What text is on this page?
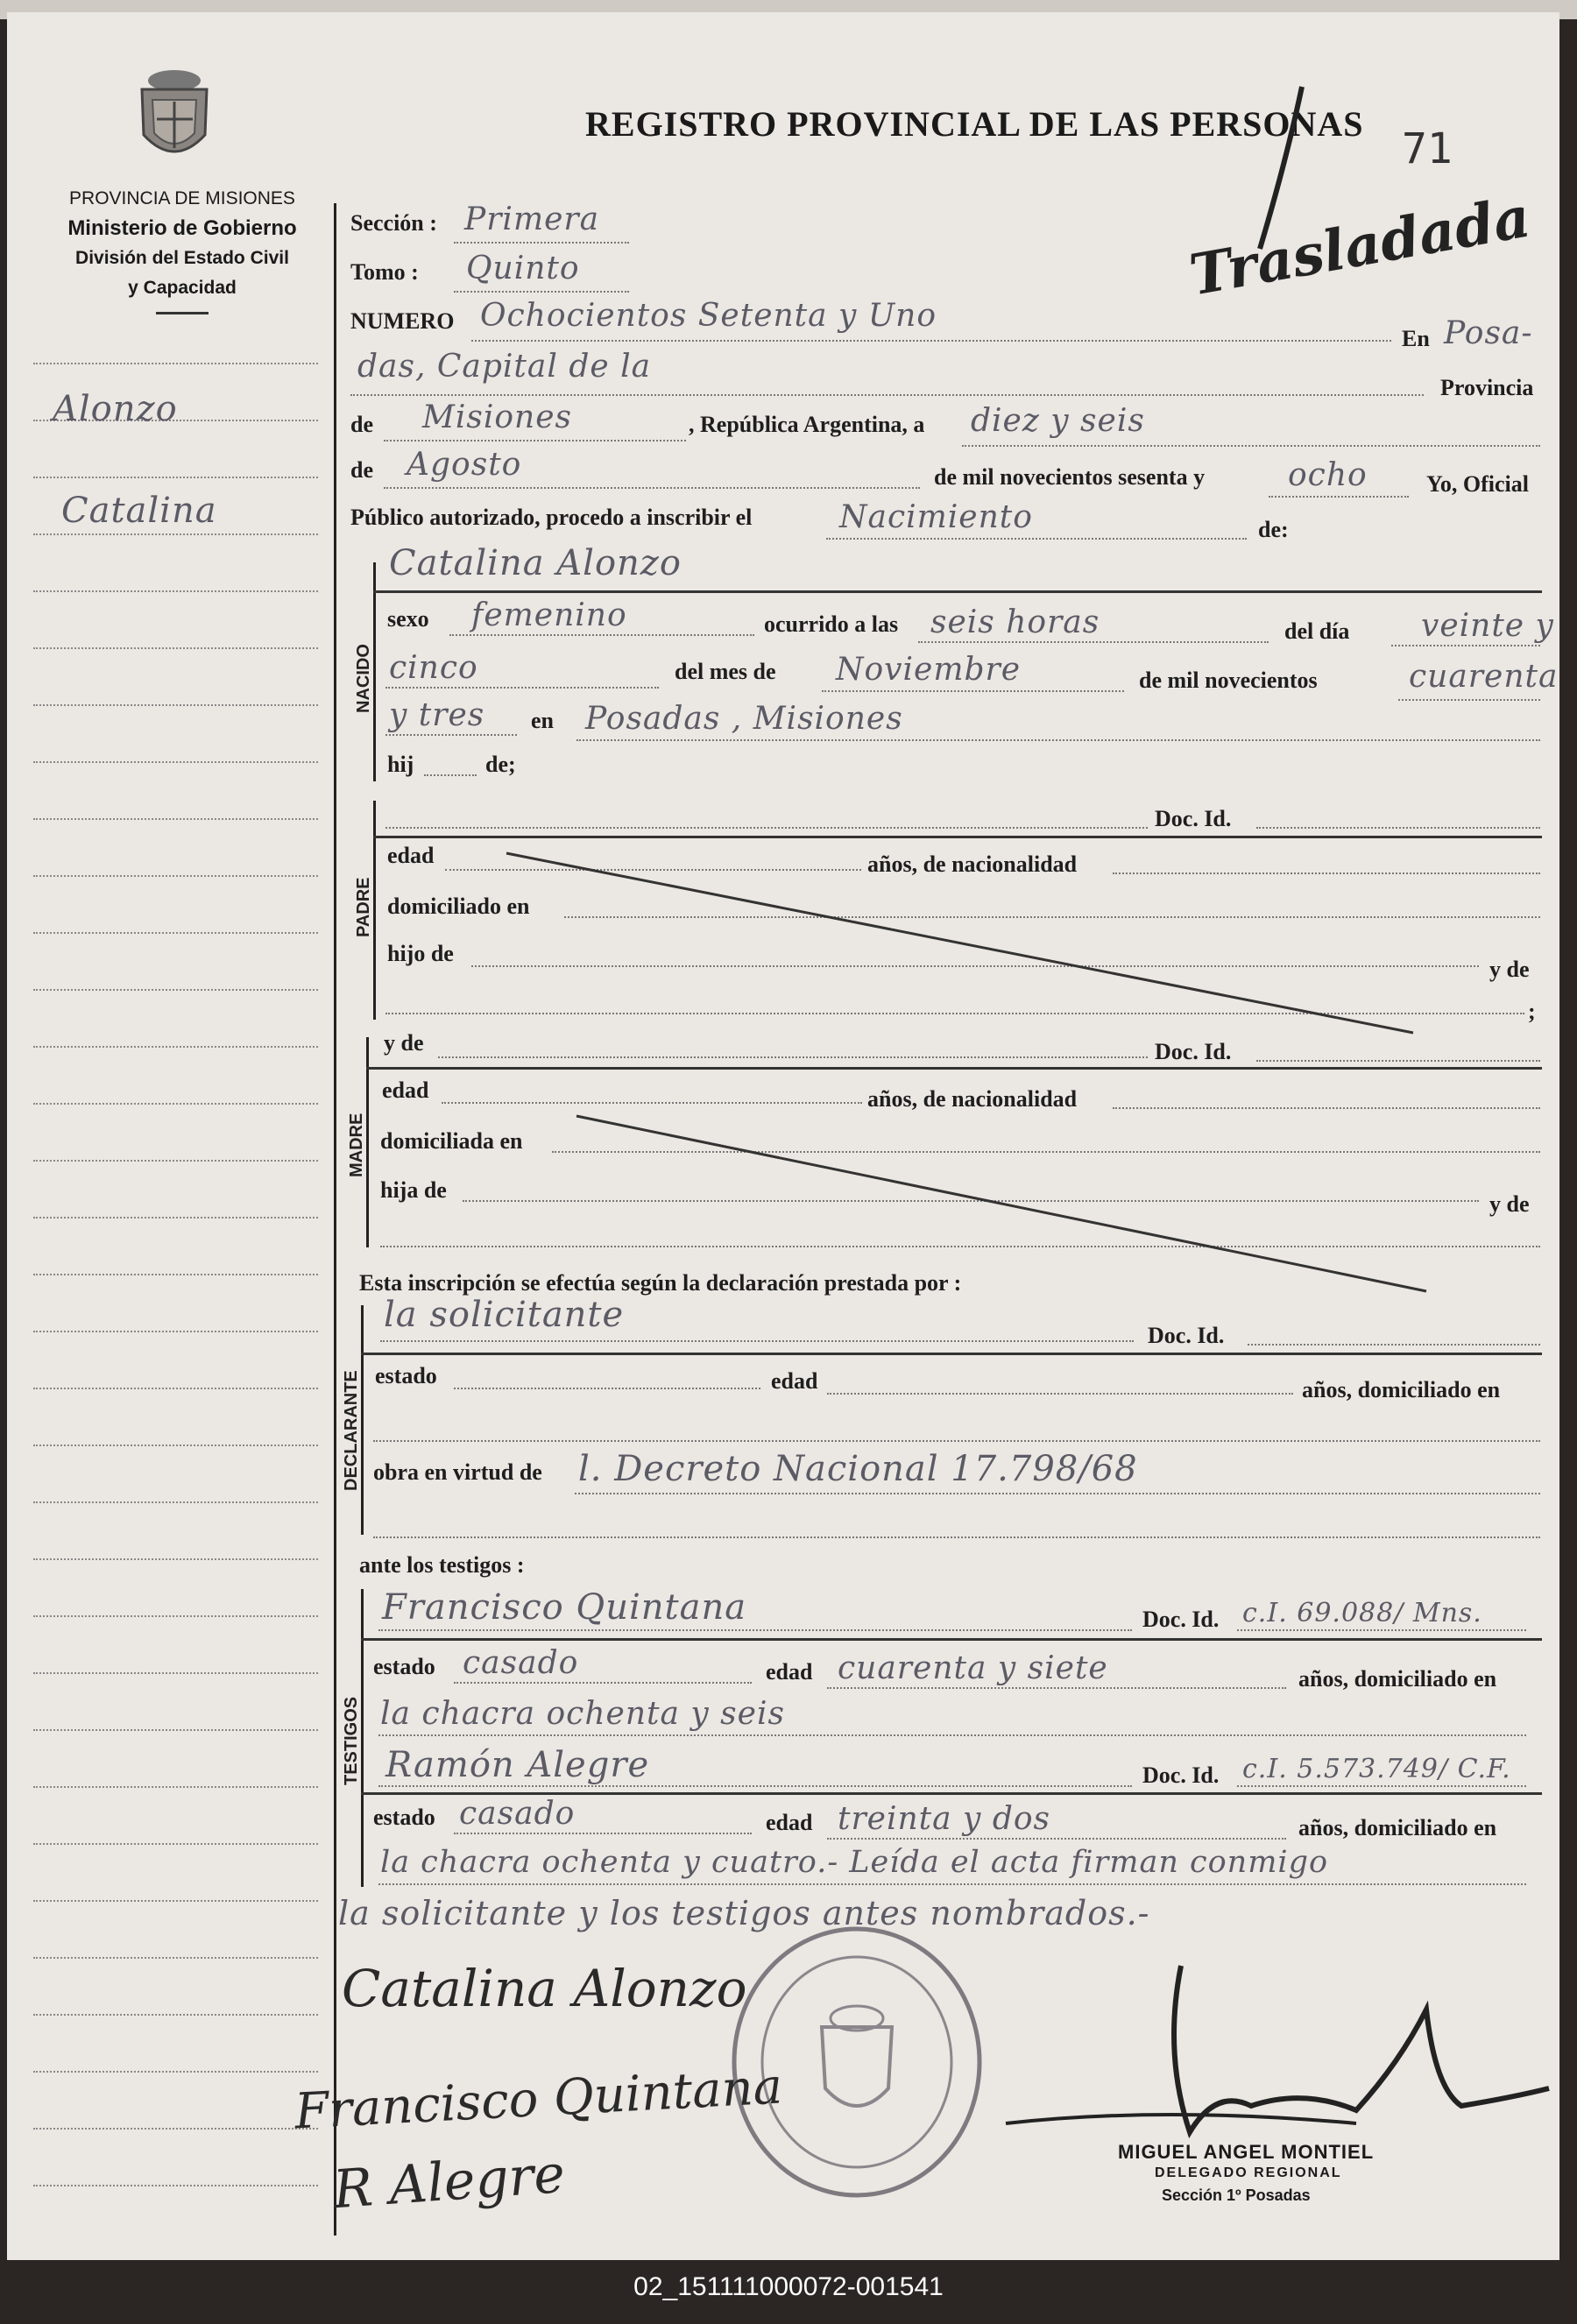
PROVINCIA DE MISIONES
Ministerio de Gobierno
División del Estado Civil
y Capacidad
REGISTRO PROVINCIAL DE LAS PERSONAS
71
Trasladada
Alonzo
Catalina
Sección : Primera
Tomo : Quinto
NUMERO Ochocientos Setenta y Uno
En Posa-
das, Capital de la
Provincia
de Misiones	, República Argentina, a diez y seis
de Agosto	de mil novecientos sesenta y	ocho	Yo, Oficial
Público autorizado, procedo a inscribir el	Nacimiento	de:
NACIDO
Catalina Alonzo
sexo femenino	ocurrido a las seis horas	del día veinte y
cinco	del mes de Noviembre	de mil novecientos	cuarenta
y tres en Posadas , Misiones
hij	de;
PADRE
Doc. Id.
edad	años, de nacionalidad
domiciliado en
hijo de
y de
;
MADRE
y de	Doc. Id.
edad	años, de nacionalidad
domiciliada en
hija de
y de
Esta inscripción se efectúa según la declaración prestada por :
DECLARANTE
la solicitante
Doc. Id.
estado	edad	años, domiciliado en
obra en virtud de l. Decreto Nacional 17.798/68
ante los testigos :
TESTIGOS
Francisco Quintana	Doc. Id. c.I. 69.088/ Mns.
estado casado	edad cuarenta y siete	años, domiciliado en
la chacra ochenta y seis
Ramón Alegre	Doc. Id. c.I. 5.573.749/ C.F.
estado casado	edad treinta y dos	años, domiciliado en
la chacra ochenta y cuatro.- Leída el acta firman conmigo
la solicitante y los testigos antes nombrados.-
Catalina Alonzo
Francisco Quintana
R Alegre	MIGUEL ANGEL MONTIEL
DELEGADO REGIONAL
Sección 1º Posadas
02_151111000072-001541
